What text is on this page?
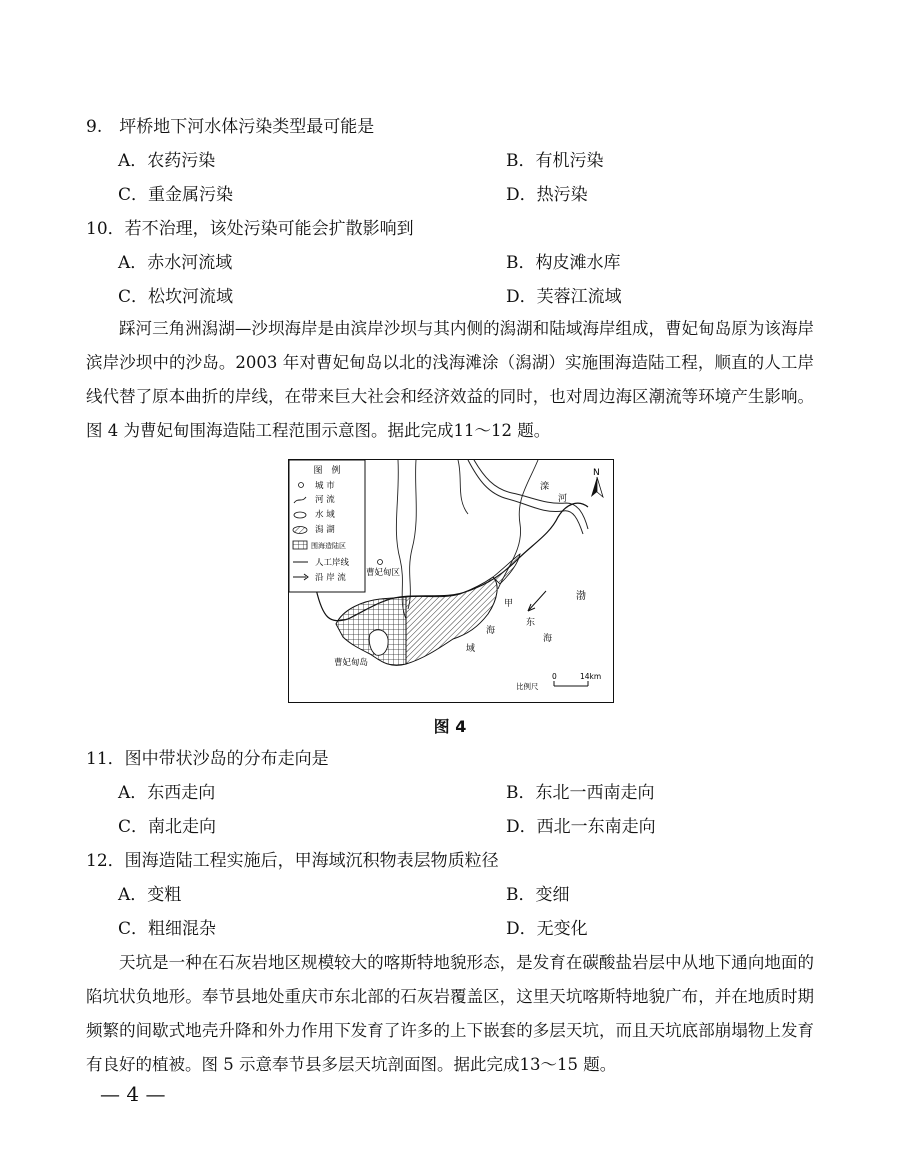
9.　坪桥地下河水体污染类型最可能是
A．农药污染	B．有机污染
C．重金属污染	D．热污染
10．若不治理，该处污染可能会扩散影响到
A．赤水河流域	B．构皮滩水库
C．松坎河流域	D．芙蓉江流域
踩河三角洲潟湖—沙坝海岸是由滨岸沙坝与其内侧的潟湖和陆域海岸组成，曹妃甸岛原为该海岸滨岸沙坝中的沙岛。2003 年对曹妃甸岛以北的浅海滩涂（潟湖）实施围海造陆工程，顺直的人工岸线代替了原本曲折的岸线，在带来巨大社会和经济效益的同时，也对周边海区潮流等环境产生影响。图 4 为曹妃甸围海造陆工程范围示意图。据此完成11～12 题。
图　例
城 市
河 流
水 域
潟 湖
围海造陆区
人工岸线
沿 岸 流 曹妃甸区
曹妃甸岛
滦
河
渤
海
甲
海
域
东
N
比例尺
0	14km
图 4
11．图中带状沙岛的分布走向是
A．东西走向	B．东北一西南走向
C．南北走向	D．西北一东南走向
12．围海造陆工程实施后，甲海域沉积物表层物质粒径
A．变粗	B．变细
C．粗细混杂	D．无变化
天坑是一种在石灰岩地区规模较大的喀斯特地貌形态，是发育在碳酸盐岩层中从地下通向地面的陷坑状负地形。奉节县地处重庆市东北部的石灰岩覆盖区，这里天坑喀斯特地貌广布，并在地质时期频繁的间歇式地壳升降和外力作用下发育了许多的上下嵌套的多层天坑，而且天坑底部崩塌物上发育有良好的植被。图 5 示意奉节县多层天坑剖面图。据此完成13～15 题。
— 4 —
